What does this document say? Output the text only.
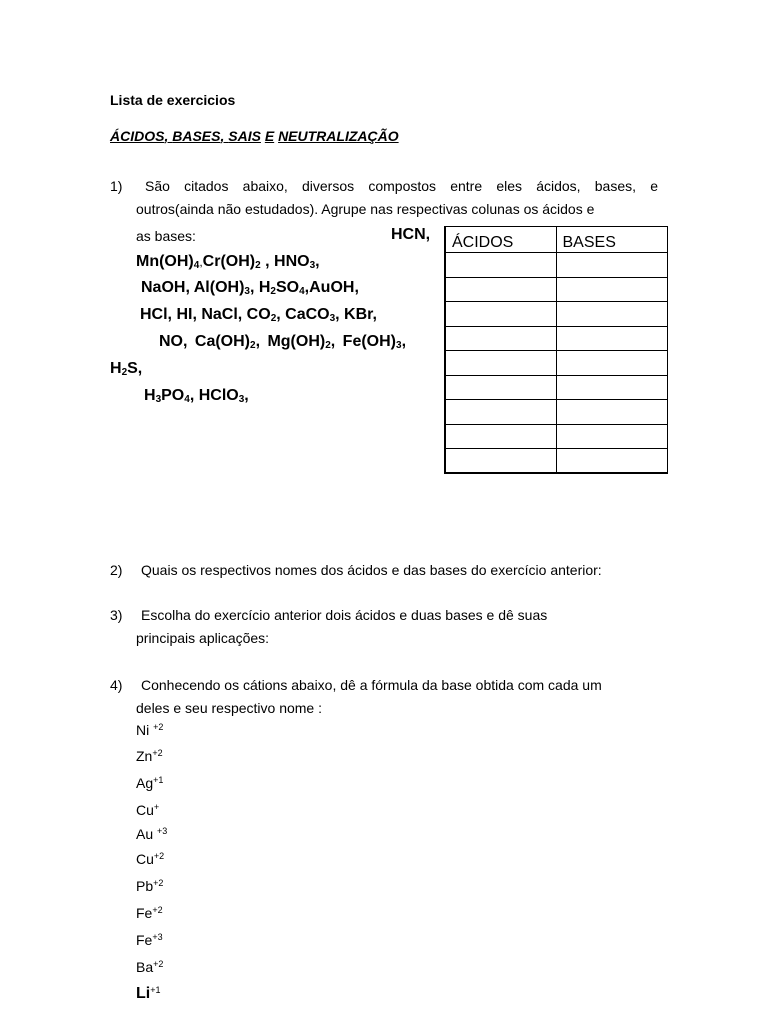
Lista de exercicios
ÁCIDOS, BASES, SAIS E NEUTRALIZAÇÃO
1) São citados abaixo, diversos compostos entre eles ácidos, bases, e
outros(ainda não estudados). Agrupe nas respectivas colunas os ácidos e
as bases:	HCN,
$Mn(OH)_4,Cr(OH)_2$ , $HNO_3$,
NaOH, $Al(OH)_3$, $H_2SO_4,AuOH$,
HCl, HI, NaCl, $CO_2$, CaCO$_3$, KBr,
NO, $Ca(OH)_2$, $Mg(OH)_2$, $Fe(OH)_3$,
$H_2S$,
$H_3PO_4$, HClO$_3$,
ÁCIDOS	BASES

2) Quais os respectivos nomes dos ácidos e das bases do exercício anterior:
3) Escolha do exercício anterior dois ácidos e duas bases e dê suas
principais aplicações:
4) Conhecendo os cátions abaixo, dê a fórmula da base obtida com cada um
deles e seu respectivo nome :
Ni $^{+2}$
$Zn^{+2}$
$Ag^{+1}$
Cu+
Au $^{+3}$
$Cu^{+2}$
$Pb^{+2}$
$Fe^{+2}$
$Fe^{+3}$
$Ba^{+2}$
$Li^{+1}$
